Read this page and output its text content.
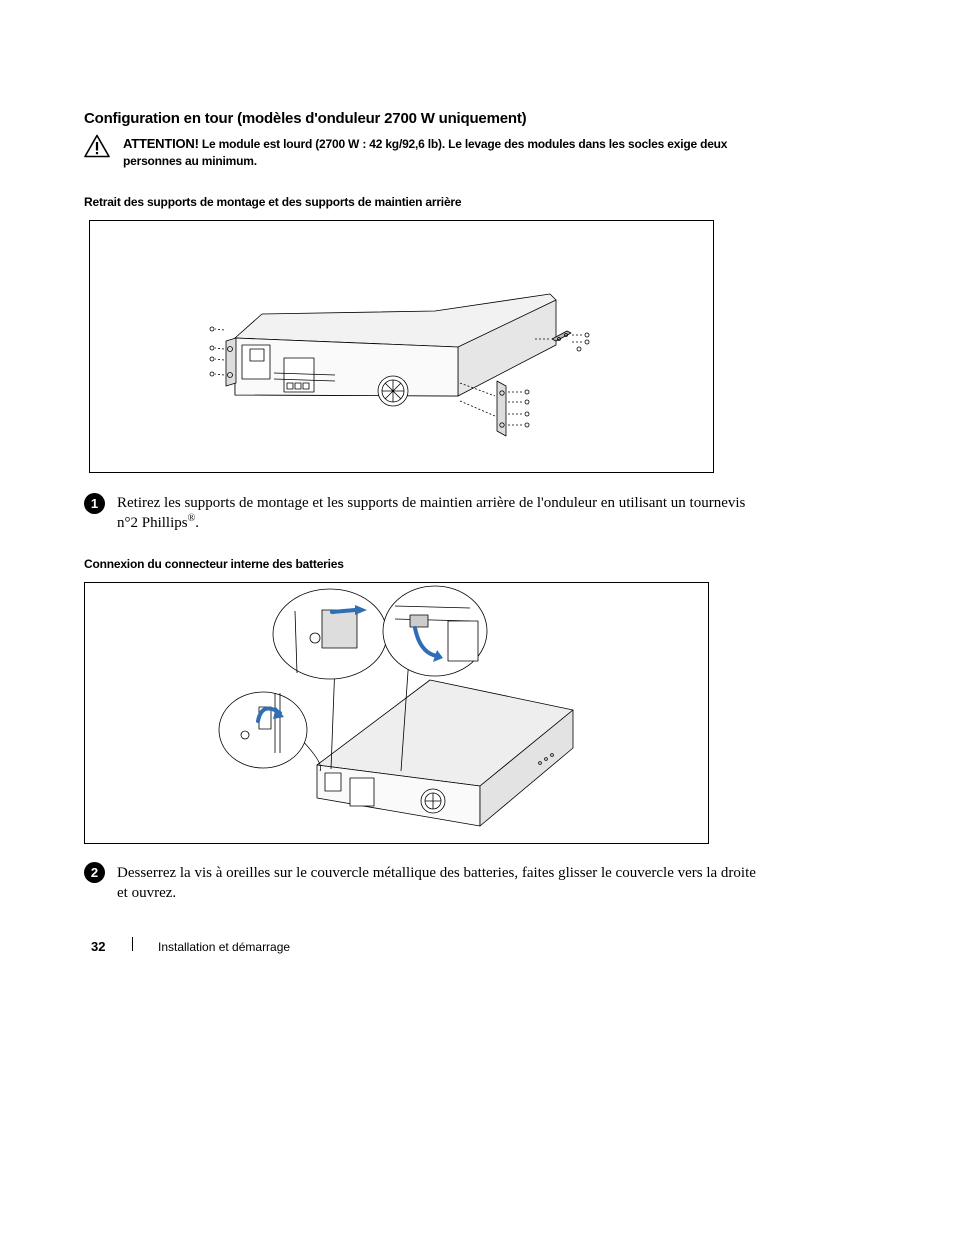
Configuration en tour (modèles d'onduleur 2700 W uniquement)
ATTENTION! Le module est lourd (2700 W : 42 kg/92,6 lb). Le levage des modules dans les socles exige deux personnes au minimum.
Retrait des supports de montage et des supports de maintien arrière
1	Retirez les supports de montage et les supports de maintien arrière de l'onduleur en utilisant un tournevis n°2 Phillips®.
Connexion du connecteur interne des batteries
2	Desserrez la vis à oreilles sur le couvercle métallique des batteries, faites glisser le couvercle vers la droite et ouvrez.
32	Installation et démarrage
